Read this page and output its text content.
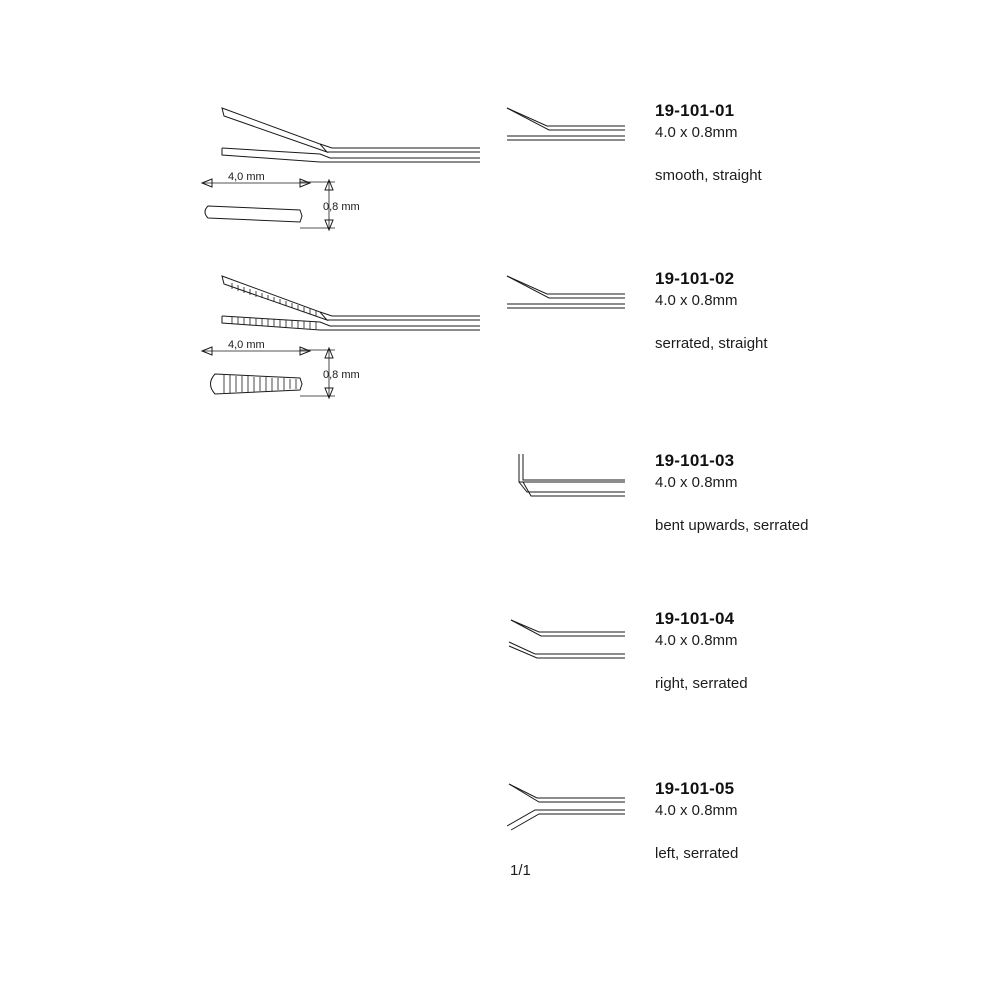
4,0 mm
0,8 mm
19-101-01
4.0 x 0.8mm
smooth, straight
4,0 mm
0,8 mm
19-101-02
4.0 x 0.8mm
serrated, straight
19-101-03
4.0 x 0.8mm
bent upwards, serrated
19-101-04
4.0 x 0.8mm
right, serrated
19-101-05
4.0 x 0.8mm
left, serrated
1/1
